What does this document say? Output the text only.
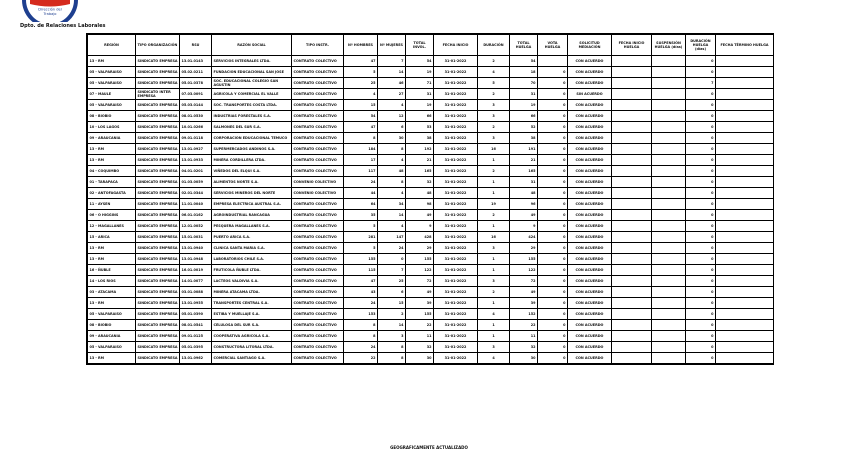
Dirección del
Trabajo
Dpto. de Relaciones Laborales
REGIÓN	TIPO ORGANIZACIÓN	RSU	RAZÓN SOCIAL	TIPO INSTR.	Nº HOMBRES	Nº MUJERES	TOTAL INVOL.	FECHA INICIO	DURACIÓN	TOTAL HUELGA	VOTA HUELGA	SOLICITUD MEDIACIÓN	FECHA INICIO HUELGA	SUSPENSIÓN HUELGA (días)	DURACIÓN HUELGA (días)	FECHA TÉRMINO HUELGA
13 - RM	SINDICATO EMPRESA	13.01.0143	SERVICIOS INTEGRALES LTDA.	CONTRATO COLECTIVO	47	7	54	31-01-2022	2	54		CON ACUERDO			0	
05 - VALPARAISO	SINDICATO EMPRESA	05.02.0211	FUNDACION EDUCACIONAL SAN JOSE	CONTRATO COLECTIVO	5	14	19	31-01-2022	4	18	0	CON ACUERDO			0	
05 - VALPARAISO	SINDICATO EMPRESA	05.01.0378	SOC. EDUCACIONAL COLEGIO SAN AGUSTIN	CONTRATO COLECTIVO	25	46	71	31-01-2022	5	70	0	CON ACUERDO			7	
07 - MAULE	SINDICATO INTER EMPRESA	07.03.0091	AGRICOLA Y COMERCIAL EL VALLE	CONTRATO COLECTIVO	4	27	31	31-01-2022	2	31	0	SIN ACUERDO			0	
05 - VALPARAISO	SINDICATO EMPRESA	05.03.0144	SOC. TRANSPORTES COSTA LTDA.	CONTRATO COLECTIVO	15	4	19	31-01-2022	3	19	0	CON ACUERDO			0	
08 - BIOBIO	SINDICATO EMPRESA	08.01.0530	INDUSTRIAS FORESTALES S.A.	CONTRATO COLECTIVO	54	12	66	31-01-2022	3	66	0	CON ACUERDO			0	
10 - LOS LAGOS	SINDICATO EMPRESA	10.01.0266	SALMONES DEL SUR S.A.	CONTRATO COLECTIVO	47	6	53	31-01-2022	2	52	0	CON ACUERDO			0	
09 - ARAUCANIA	SINDICATO EMPRESA	09.01.0118	CORPORACION EDUCACIONAL TEMUCO	CONTRATO COLECTIVO	8	30	38	31-01-2022	3	38	0	CON ACUERDO			0	
13 - RM	SINDICATO EMPRESA	13.01.0927	SUPERMERCADOS ANDINOS S.A.	CONTRATO COLECTIVO	184	8	192	31-01-2022	16	191	0	CON ACUERDO			0	
13 - RM	SINDICATO EMPRESA	13.01.0933	MINERA CORDILLERA LTDA.	CONTRATO COLECTIVO	17	4	21	31-01-2022	1	21	0	CON ACUERDO			0	
04 - COQUIMBO	SINDICATO EMPRESA	04.01.0201	VIÑEDOS DEL ELQUI S.A.	CONTRATO COLECTIVO	117	48	165	31-01-2022	2	165	0	CON ACUERDO			0	
01 - TARAPACA	SINDICATO EMPRESA	01.03.0059	ALIMENTOS NORTE S.A.	CONVENIO COLECTIVO	24	8	32	31-01-2022	1	31	0	CON ACUERDO			0	
02 - ANTOFAGASTA	SINDICATO EMPRESA	02.01.0344	SERVICIOS MINEROS DEL NORTE	CONVENIO COLECTIVO	44	4	48	31-01-2022	1	48	0	CON ACUERDO			0	
11 - AYSEN	SINDICATO EMPRESA	11.01.0040	EMPRESA ELECTRICA AUSTRAL S.A.	CONTRATO COLECTIVO	64	34	98	31-01-2022	19	96	0	CON ACUERDO			0	
06 - O HIGGINS	SINDICATO EMPRESA	06.01.0162	AGROINDUSTRIAL RANCAGUA	CONTRATO COLECTIVO	35	14	49	31-01-2022	2	49	0	CON ACUERDO			0	
12 - MAGALLANES	SINDICATO EMPRESA	12.01.0052	PESQUERA MAGALLANES S.A.	CONTRATO COLECTIVO	5	4	9	31-01-2022	1	9	0	CON ACUERDO			0	
15 - ARICA	SINDICATO EMPRESA	15.01.0031	PUERTO ARICA S.A.	CONTRATO COLECTIVO	281	147	428	31-01-2022	16	424	0	CON ACUERDO			0	
13 - RM	SINDICATO EMPRESA	13.01.0940	CLINICA SANTA MARIA S.A.	CONTRATO COLECTIVO	5	24	29	31-01-2022	3	29	0	CON ACUERDO			0	
13 - RM	SINDICATO EMPRESA	13.01.0948	LABORATORIOS CHILE S.A.	CONTRATO COLECTIVO	155	0	155	31-01-2022	1	155	0	CON ACUERDO			0	
16 - ÑUBLE	SINDICATO EMPRESA	16.01.0019	FRUTICOLA ÑUBLE LTDA.	CONTRATO COLECTIVO	115	7	122	31-01-2022	1	122	0	CON ACUERDO			0	
14 - LOS RIOS	SINDICATO EMPRESA	14.01.0077	LACTEOS VALDIVIA S.A.	CONTRATO COLECTIVO	47	25	72	31-01-2022	3	72	0	CON ACUERDO			0	
03 - ATACAMA	SINDICATO EMPRESA	03.01.0088	MINERA ATACAMA LTDA.	CONTRATO COLECTIVO	43	6	49	31-01-2022	2	49	0	CON ACUERDO			0	
13 - RM	SINDICATO EMPRESA	13.01.0955	TRANSPORTES CENTRAL S.A.	CONTRATO COLECTIVO	24	15	39	31-01-2022	1	39	0	CON ACUERDO			0	
05 - VALPARAISO	SINDICATO EMPRESA	05.01.0390	ESTIBA Y MUELLAJE S.A.	CONTRATO COLECTIVO	153	2	155	31-01-2022	4	152	0	CON ACUERDO			0	
08 - BIOBIO	SINDICATO EMPRESA	08.01.0541	CELULOSA DEL SUR S.A.	CONTRATO COLECTIVO	8	14	22	31-01-2022	1	22	0	CON ACUERDO			0	
09 - ARAUCANIA	SINDICATO EMPRESA	09.01.0125	COOPERATIVA AGRICOLA S.A.	CONTRATO COLECTIVO	8	3	11	31-01-2022	1	11	0	CON ACUERDO			0	
05 - VALPARAISO	SINDICATO EMPRESA	05.01.0395	CONSTRUCTORA LITORAL LTDA.	CONTRATO COLECTIVO	24	8	32	31-01-2022	3	32	0	CON ACUERDO			0	
13 - RM	SINDICATO EMPRESA	13.01.0962	COMERCIAL SANTIAGO S.A.	CONTRATO COLECTIVO	22	8	30	31-01-2022	4	30	0	CON ACUERDO			0	
GEOGRAFICAMENTE ACTUALIZADO
